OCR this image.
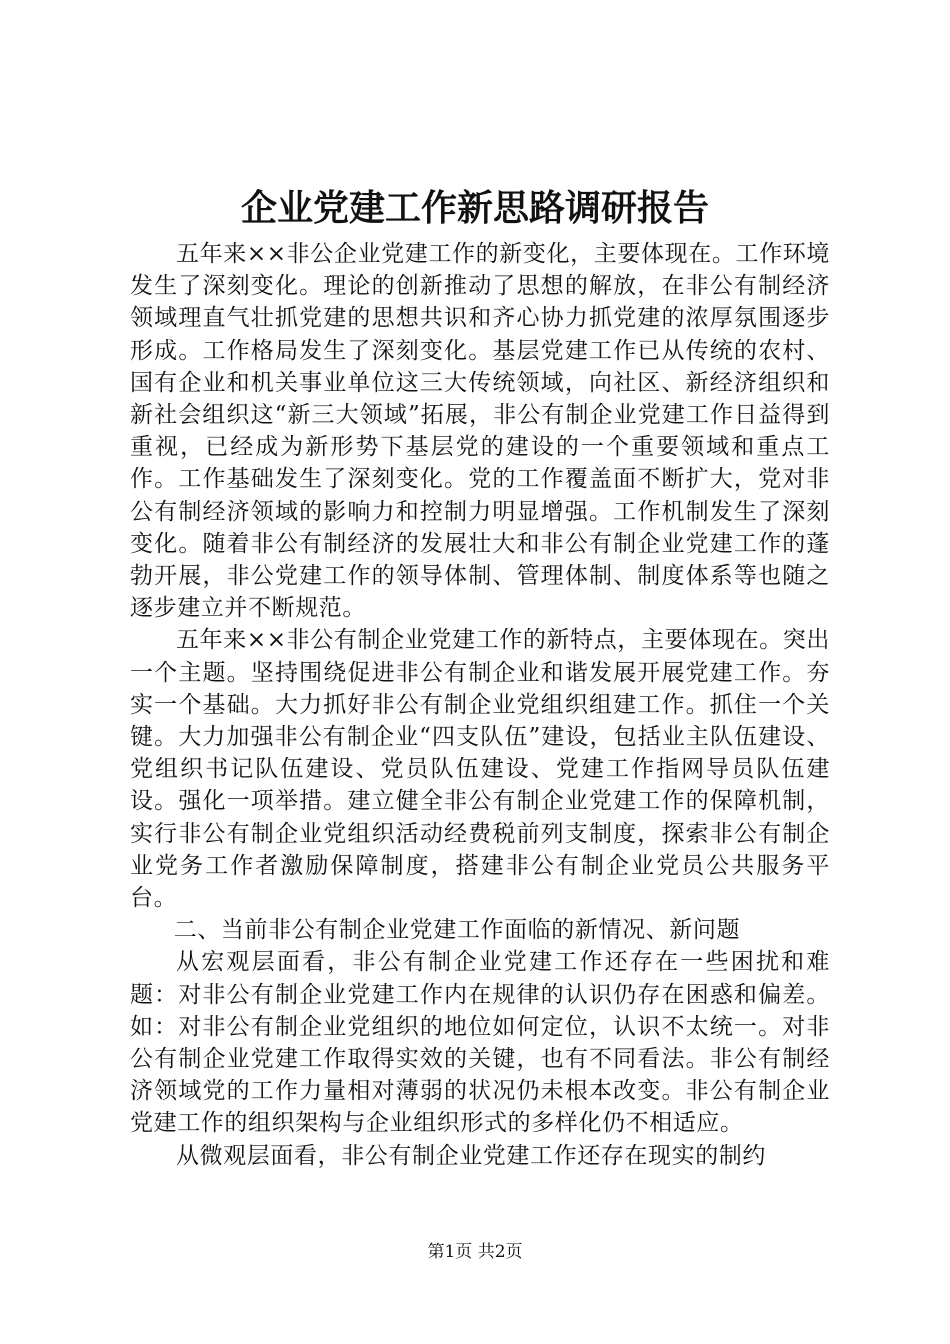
企业党建工作新思路调研报告

五年来××非公企业党建工作的新变化，主要体现在。工作环境发生了深刻变化。理论的创新推动了思想的解放，在非公有制经济领域理直气壮抓党建的思想共识和齐心协力抓党建的浓厚氛围逐步形成。工作格局发生了深刻变化。基层党建工作已从传统的农村、国有企业和机关事业单位这三大传统领域，向社区、新经济组织和新社会组织这“新三大领域”拓展，非公有制企业党建工作日益得到重视，已经成为新形势下基层党的建设的一个重要领域和重点工作。工作基础发生了深刻变化。党的工作覆盖面不断扩大，党对非公有制经济领域的影响力和控制力明显增强。工作机制发生了深刻变化。随着非公有制经济的发展壮大和非公有制企业党建工作的蓬勃开展，非公党建工作的领导体制、管理体制、制度体系等也随之逐步建立并不断规范。

五年来××非公有制企业党建工作的新特点，主要体现在。突出一个主题。坚持围绕促进非公有制企业和谐发展开展党建工作。夯实一个基础。大力抓好非公有制企业党组织组建工作。抓住一个关键。大力加强非公有制企业“四支队伍”建设，包括业主队伍建设、党组织书记队伍建设、党员队伍建设、党建工作指网导员队伍建设。强化一项举措。建立健全非公有制企业党建工作的保障机制，实行非公有制企业党组织活动经费税前列支制度，探索非公有制企业党务工作者激励保障制度，搭建非公有制企业党员公共服务平台。

二、当前非公有制企业党建工作面临的新情况、新问题

从宏观层面看，非公有制企业党建工作还存在一些困扰和难题：对非公有制企业党建工作内在规律的认识仍存在困惑和偏差。如：对非公有制企业党组织的地位如何定位，认识不太统一。对非公有制企业党建工作取得实效的关键，也有不同看法。非公有制经济领域党的工作力量相对薄弱的状况仍未根本改变。非公有制企业党建工作的组织架构与企业组织形式的多样化仍不相适应。

从微观层面看，非公有制企业党建工作还存在现实的制约

第1页 共2页
